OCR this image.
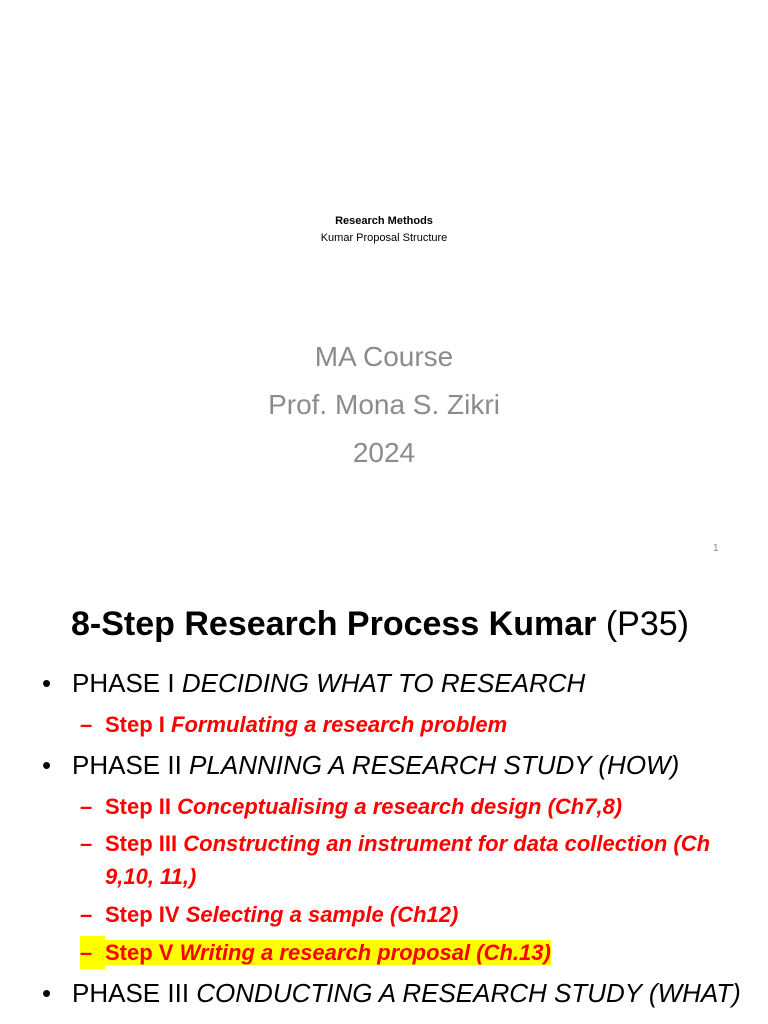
Research Methods
Kumar Proposal Structure
MA Course
Prof. Mona S. Zikri
2024
1
8-Step Research Process Kumar (P35)
• PHASE I DECIDING WHAT TO RESEARCH
– Step I Formulating a research problem
• PHASE II PLANNING A RESEARCH STUDY (HOW)
– Step II Conceptualising a research design (Ch7,8)
– Step III Constructing an instrument for data collection (Ch 9,10, 11,)
– Step IV Selecting a sample (Ch12)
– Step V Writing a research proposal (Ch.13)
• PHASE III CONDUCTING A RESEARCH STUDY (WHAT)
